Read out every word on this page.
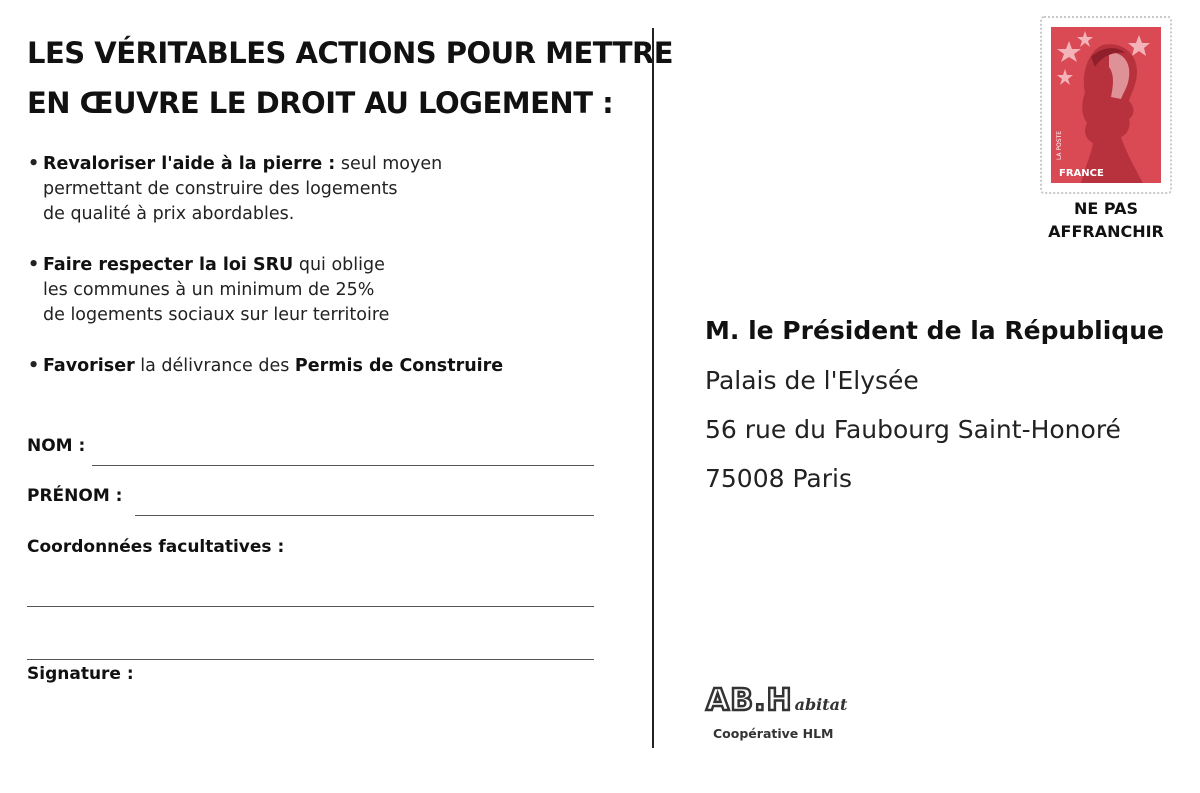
LES VÉRITABLES ACTIONS POUR METTRE
EN ŒUVRE LE DROIT AU LOGEMENT :
• Revaloriser l'aide à la pierre : seul moyen
permettant de construire des logements
de qualité à prix abordables.
• Faire respecter la loi SRU qui oblige
les communes à un minimum de 25%
de logements sociaux sur leur territoire
• Favoriser la délivrance des Permis de Construire
NOM :
PRÉNOM :
Coordonnées facultatives :
Signature :
LA POSTE
FRANCE
NE PAS
AFFRANCHIR
M. le Président de la République
Palais de l'Elysée
56 rue du Faubourg Saint-Honoré
75008 Paris
AB.H abitat
Coopérative HLM
